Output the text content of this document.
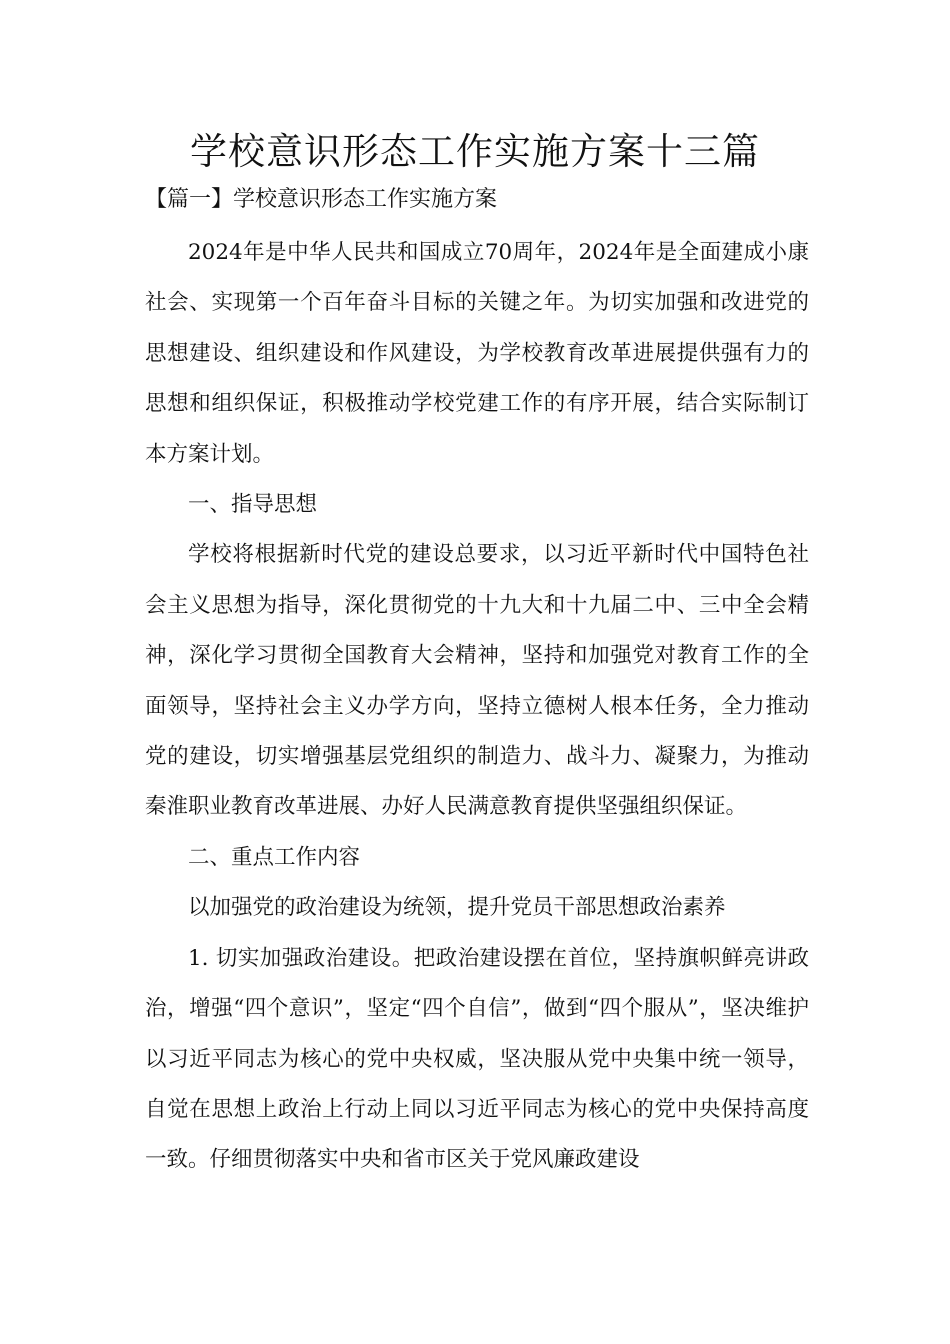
学校意识形态工作实施方案十三篇

【篇一】学校意识形态工作实施方案

2024年是中华人民共和国成立70周年，2024年是全面建成小康社会、实现第一个百年奋斗目标的关键之年。为切实加强和改进党的思想建设、组织建设和作风建设，为学校教育改革进展提供强有力的思想和组织保证，积极推动学校党建工作的有序开展，结合实际制订本方案计划。

一、指导思想

学校将根据新时代党的建设总要求，以习近平新时代中国特色社会主义思想为指导，深化贯彻党的十九大和十九届二中、三中全会精神，深化学习贯彻全国教育大会精神，坚持和加强党对教育工作的全面领导，坚持社会主义办学方向，坚持立德树人根本任务，全力推动党的建设，切实增强基层党组织的制造力、战斗力、凝聚力，为推动秦淮职业教育改革进展、办好人民满意教育提供坚强组织保证。

二、重点工作内容

以加强党的政治建设为统领，提升党员干部思想政治素养

1. 切实加强政治建设。把政治建设摆在首位，坚持旗帜鲜亮讲政治，增强“四个意识”，坚定“四个自信”，做到“四个服从”，坚决维护以习近平同志为核心的党中央权威，坚决服从党中央集中统一领导，自觉在思想上政治上行动上同以习近平同志为核心的党中央保持高度一致。仔细贯彻落实中央和省市区关于党风廉政建设
